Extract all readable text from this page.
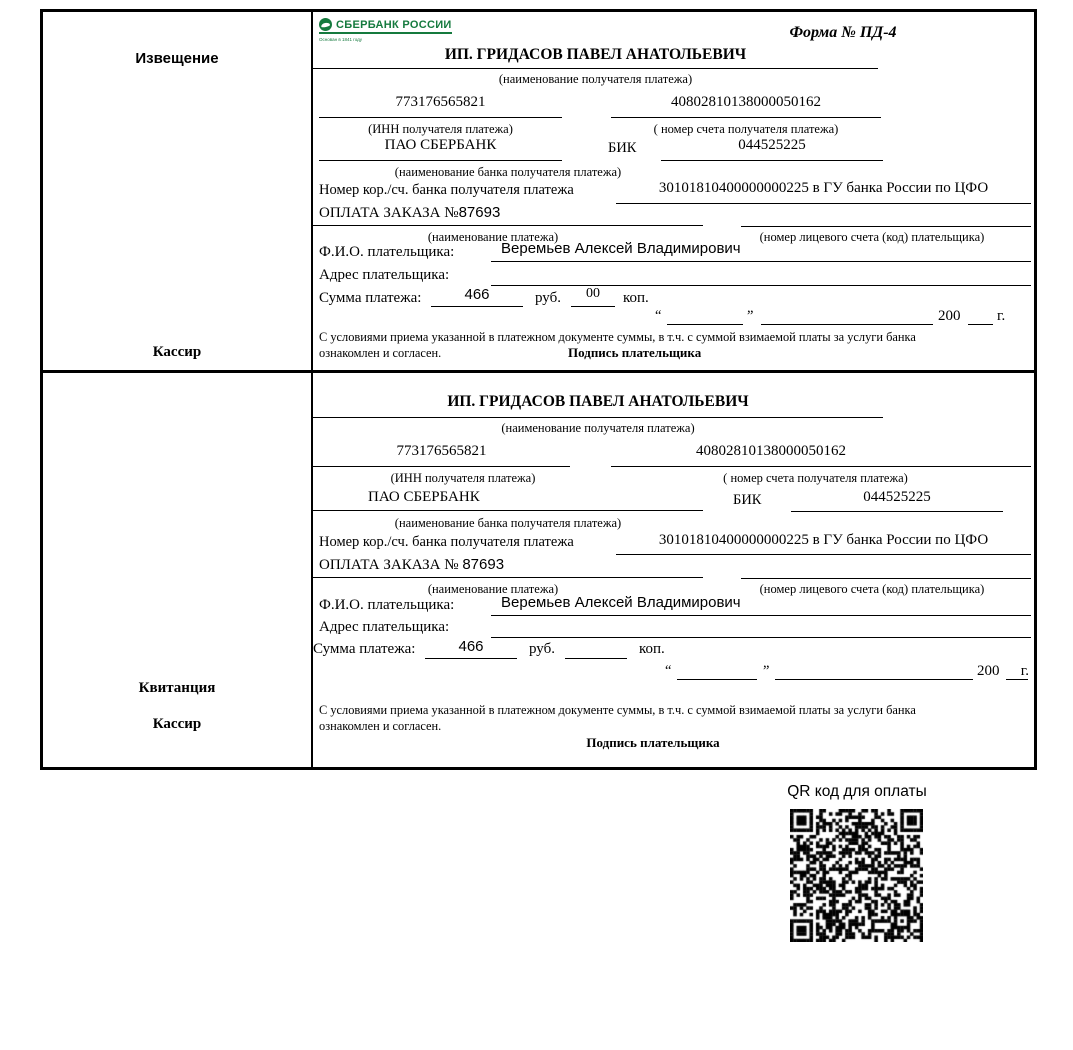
Извещение
Кассир
Квитанция
Кассир
СБЕРБАНК РОССИИ
Основан в 1841 году	Форма № ПД-4
ИП. ГРИДАСОВ ПАВЕЛ АНАТОЛЬЕВИЧ
(наименование получателя платежа)
773176565821	40802810138000050162
(ИНН получателя платежа)	( номер счета получателя платежа)
ПАО СБЕРБАНК	БИК	044525225
(наименование банка получателя платежа)
Номер кор./сч. банка получателя платежа	30101810400000000225 в ГУ банка России по ЦФО
ОПЛАТА ЗАКАЗА №87693
(наименование платежа)	(номер лицевого счета (код) плательщика)
Ф.И.О. плательщика:	Веремьев Алексей Владимирович
Адрес плательщика:
Сумма платежа:	466	руб.	00	коп.
“	”	200 г.
С условиями приема указанной в платежном документе суммы, в т.ч. с суммой взимаемой платы за услуги банка
ознакомлен и согласен.	Подпись плательщика
ИП. ГРИДАСОВ ПАВЕЛ АНАТОЛЬЕВИЧ
(наименование получателя платежа)
773176565821	40802810138000050162
(ИНН получателя платежа)	( номер счета получателя платежа)
ПАО СБЕРБАНК	БИК	044525225
(наименование банка получателя платежа)
Номер кор./сч. банка получателя платежа	30101810400000000225 в ГУ банка России по ЦФО
ОПЛАТА ЗАКАЗА № 87693
(наименование платежа)	(номер лицевого счета (код) плательщика)
Ф.И.О. плательщика:	Веремьев Алексей Владимирович
Адрес плательщика:
Сумма платежа:	466	руб.	коп.
“	”	200 г.
С условиями приема указанной в платежном документе суммы, в т.ч. с суммой взимаемой платы за услуги банка
ознакомлен и согласен.
Подпись плательщика
QR код для оплаты
